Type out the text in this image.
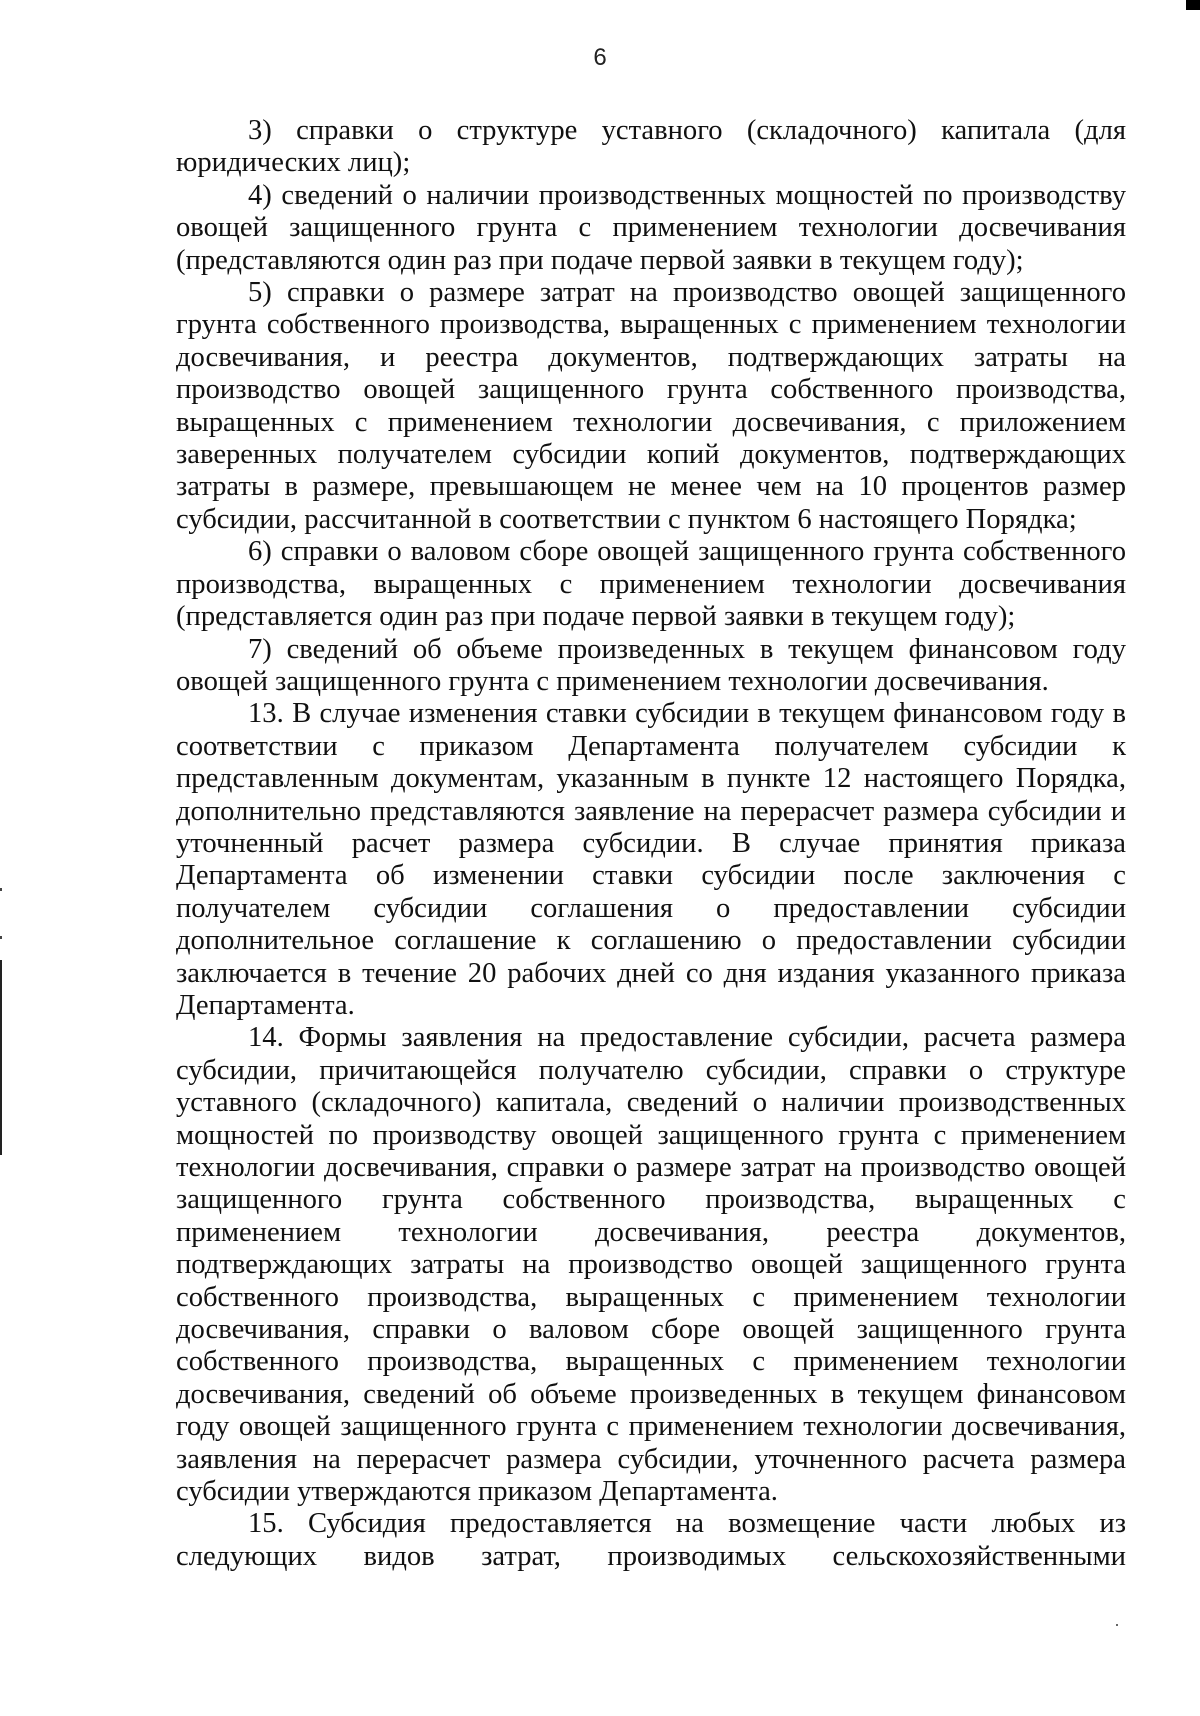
6

3) справки о структуре уставного (складочного) капитала (для юридических лиц);

4) сведений о наличии производственных мощностей по производству овощей защищенного грунта с применением технологии досвечивания (представляются один раз при подаче первой заявки в текущем году);

5) справки о размере затрат на производство овощей защищенного грунта собственного производства, выращенных с применением технологии досвечивания, и реестра документов, подтверждающих затраты на производство овощей защищенного грунта собственного производства, выращенных с применением технологии досвечивания, с приложением заверенных получателем субсидии копий документов, подтверждающих затраты в размере, превышающем не менее чем на 10 процентов размер субсидии, рассчитанной в соответствии с пунктом 6 настоящего Порядка;

6) справки о валовом сборе овощей защищенного грунта собственного производства, выращенных с применением технологии досвечивания (представляется один раз при подаче первой заявки в текущем году);

7) сведений об объеме произведенных в текущем финансовом году овощей защищенного грунта с применением технологии досвечивания.

13. В случае изменения ставки субсидии в текущем финансовом году в соответствии с приказом Департамента получателем субсидии к представленным документам, указанным в пункте 12 настоящего Порядка, дополнительно представляются заявление на перерасчет размера субсидии и уточненный расчет размера субсидии. В случае принятия приказа Департамента об изменении ставки субсидии после заключения с получателем субсидии соглашения о предоставлении субсидии дополнительное соглашение к соглашению о предоставлении субсидии заключается в течение 20 рабочих дней со дня издания указанного приказа Департамента.

14. Формы заявления на предоставление субсидии, расчета размера субсидии, причитающейся получателю субсидии, справки о структуре уставного (складочного) капитала, сведений о наличии производственных мощностей по производству овощей защищенного грунта с применением технологии досвечивания, справки о размере затрат на производство овощей защищенного грунта собственного производства, выращенных с применением технологии досвечивания, реестра документов, подтверждающих затраты на производство овощей защищенного грунта собственного производства, выращенных с применением технологии досвечивания, справки о валовом сборе овощей защищенного грунта собственного производства, выращенных с применением технологии досвечивания, сведений об объеме произведенных в текущем финансовом году овощей защищенного грунта с применением технологии досвечивания, заявления на перерасчет размера субсидии, уточненного расчета размера субсидии утверждаются приказом Департамента.

15. Субсидия предоставляется на возмещение части любых из следующих видов затрат, производимых сельскохозяйственными
